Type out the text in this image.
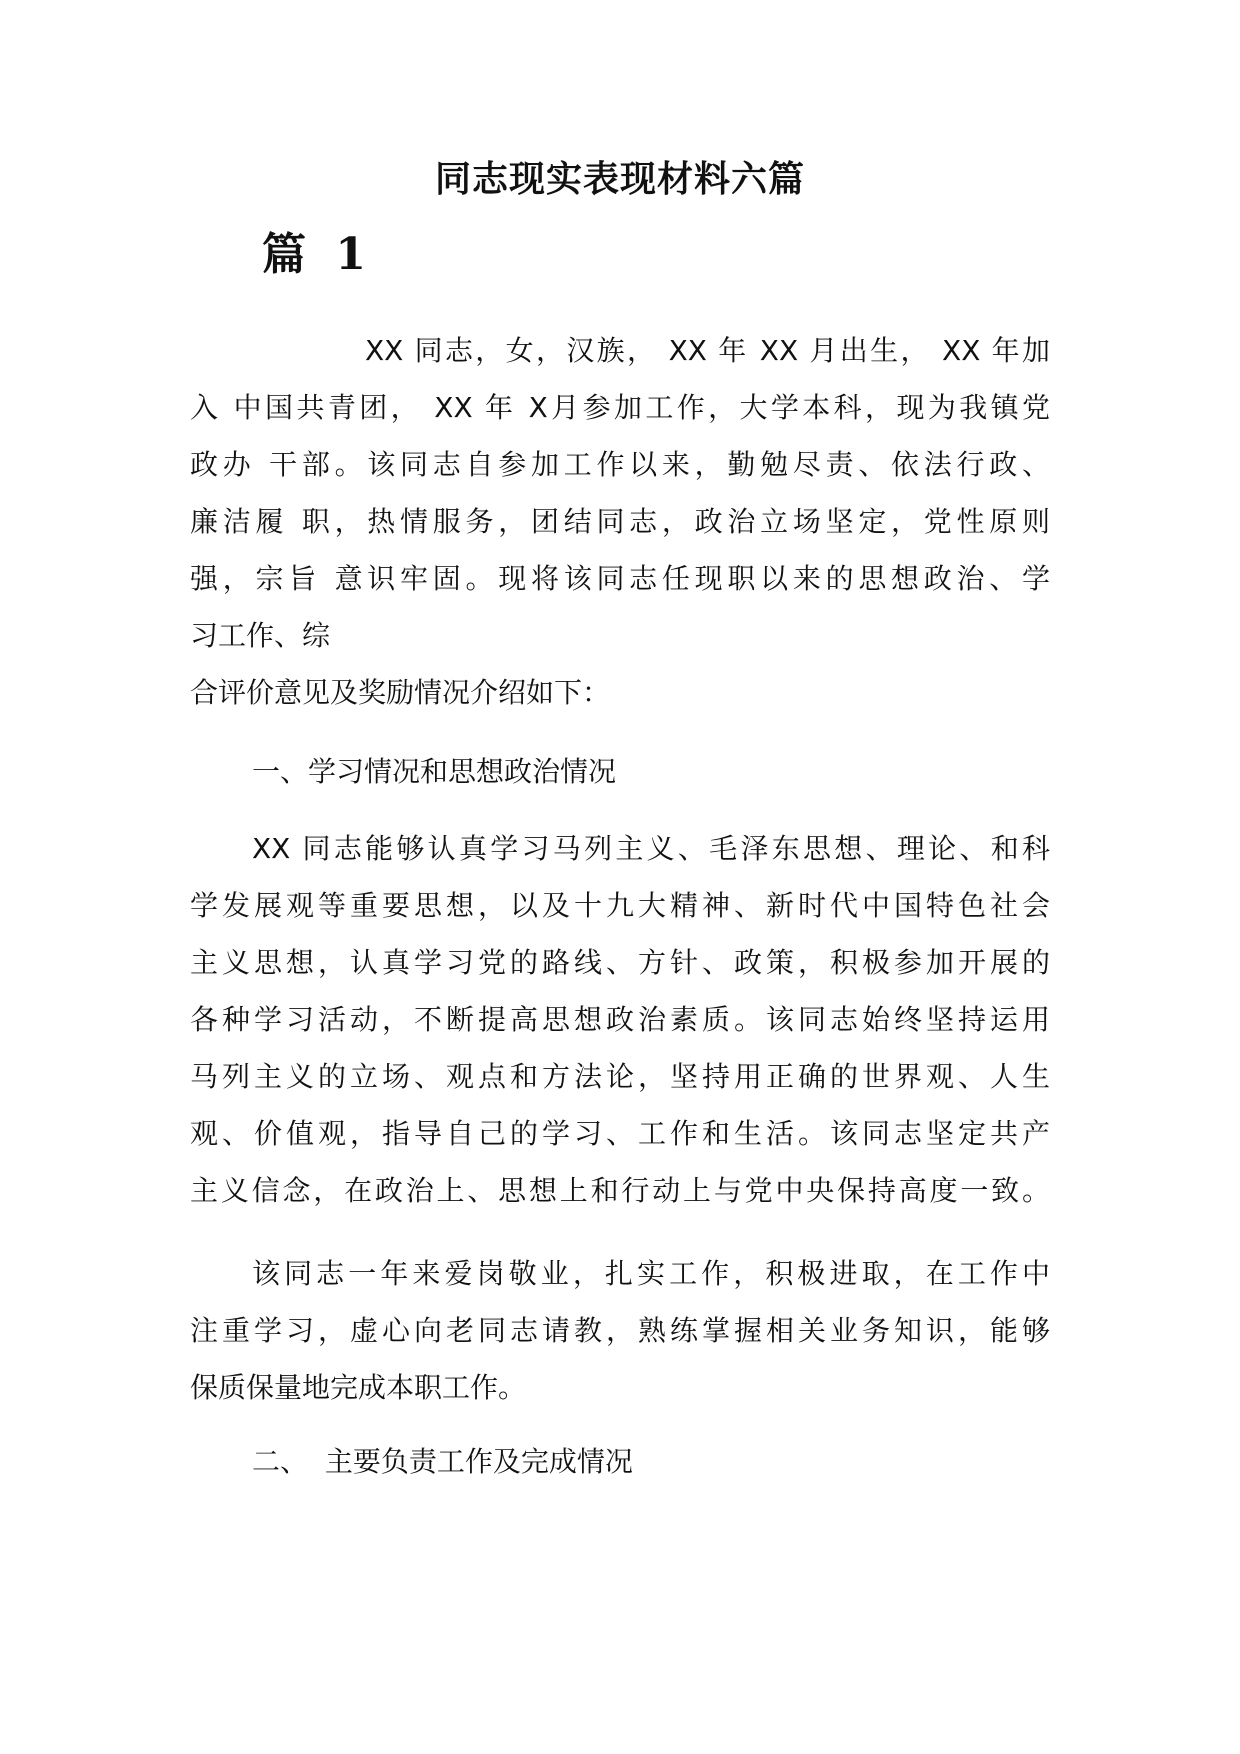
同志现实表现材料六篇
篇 1
XX 同志，女，汉族， XX 年 XX 月出生， XX 年加
入 中国共青团， XX 年 X月参加工作，大学本科，现为我镇党
政办 干部。该同志自参加工作以来，勤勉尽责、依法行政、
廉洁履 职，热情服务，团结同志，政治立场坚定，党性原则
强，宗旨 意识牢固。现将该同志任现职以来的思想政治、学
习工作、综
合评价意见及奖励情况介绍如下：
一、学习情况和思想政治情况
XX 同志能够认真学习马列主义、毛泽东思想、理论、和科
学发展观等重要思想，以及十九大精神、新时代中国特色社会
主义思想，认真学习党的路线、方针、政策，积极参加开展的
各种学习活动，不断提高思想政治素质。该同志始终坚持运用
马列主义的立场、观点和方法论，坚持用正确的世界观、人生
观、价值观，指导自己的学习、工作和生活。该同志坚定共产
主义信念，在政治上、思想上和行动上与党中央保持高度一致。
该同志一年来爱岗敬业，扎实工作，积极进取，在工作中
注重学习，虚心向老同志请教，熟练掌握相关业务知识，能够
保质保量地完成本职工作。
二、 主要负责工作及完成情况
